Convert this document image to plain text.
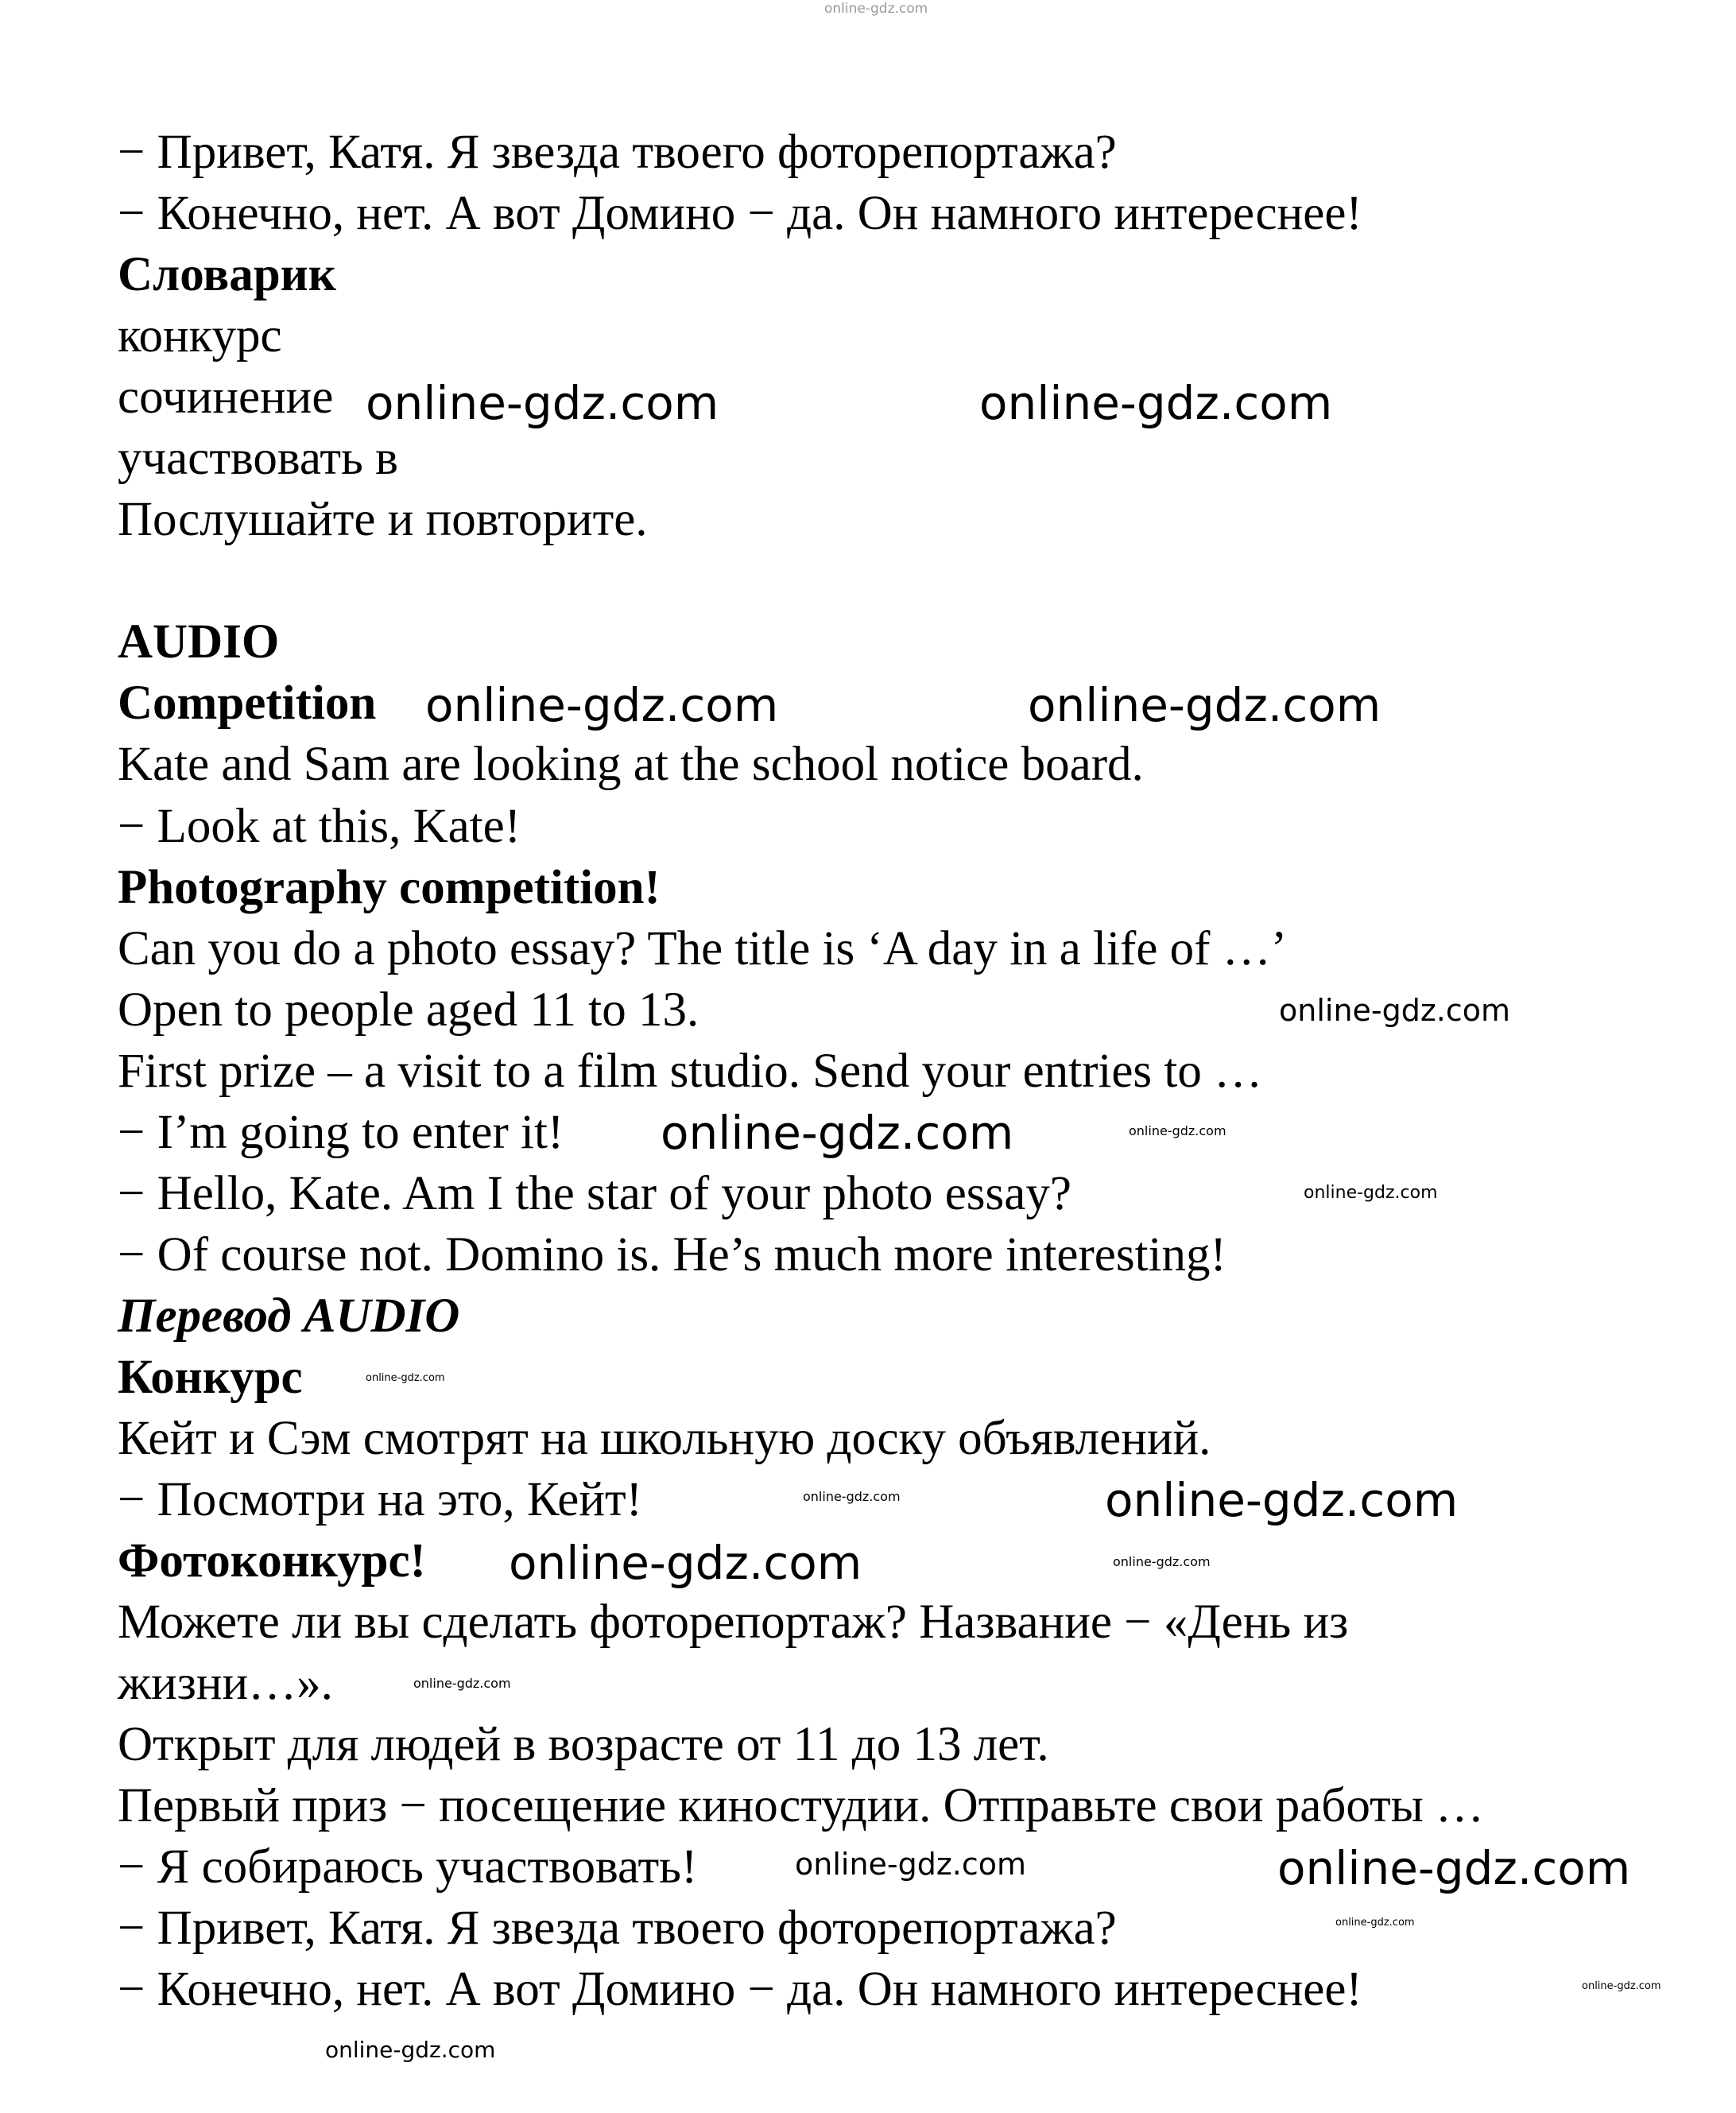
− Привет, Катя. Я звезда твоего фоторепортажа?
− Конечно, нет. А вот Домино − да. Он намного интереснее!
Словарик
конкурс
сочинение
участвовать в
Послушайте и повторите.
AUDIO
Competition
Kate and Sam are looking at the school notice board.
− Look at this, Kate!
Photography competition!
Can you do a photo essay? The title is ‘A day in a life of …’
Open to people aged 11 to 13.
First prize – a visit to a film studio. Send your entries to …
− I’m going to enter it!
− Hello, Kate. Am I the star of your photo essay?
− Of course not. Domino is. He’s much more interesting!
Перевод AUDIO
Конкурс
Кейт и Сэм смотрят на школьную доску объявлений.
− Посмотри на это, Кейт!
Фотоконкурс!
Можете ли вы сделать фоторепортаж? Название − «День из
жизни…».
Открыт для людей в возрасте от 11 до 13 лет.
Первый приз − посещение киностудии. Отправьте свои работы …
− Я собираюсь участвовать!
− Привет, Катя. Я звезда твоего фоторепортажа?
− Конечно, нет. А вот Домино − да. Он намного интереснее!
online-gdz.com
online-gdz.com	online-gdz.com
online-gdz.com	online-gdz.com
online-gdz.com
online-gdz.com	online-gdz.com
online-gdz.com
online-gdz.com
online-gdz.com
online-gdz.com
online-gdz.com	online-gdz.com
online-gdz.com
online-gdz.com	online-gdz.com
online-gdz.com
online-gdz.com
online-gdz.com
